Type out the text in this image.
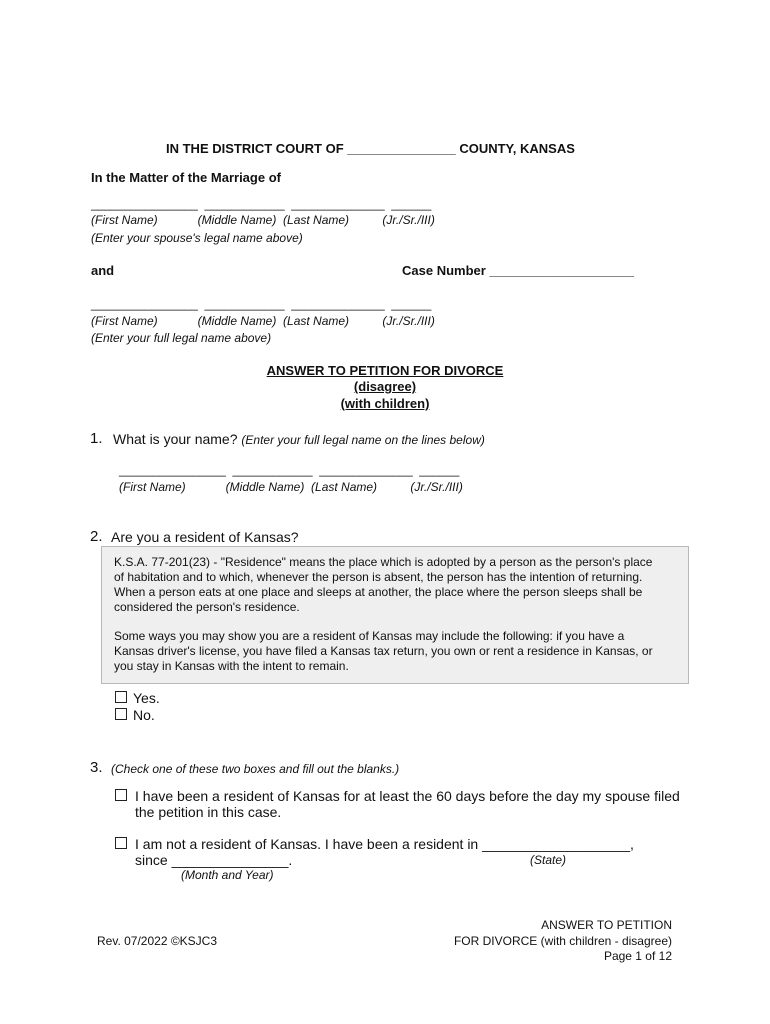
IN THE DISTRICT COURT OF _______________ COUNTY, KANSAS
In the Matter of the Marriage of
________________  ____________  ______________  ______
(First Name)            (Middle Name)  (Last Name)          (Jr./Sr./III)
(Enter your spouse's legal name above)
and	Case Number ____________________
________________  ____________  ______________  ______
(First Name)            (Middle Name)  (Last Name)          (Jr./Sr./III)
(Enter your full legal name above)
ANSWER TO PETITION FOR DIVORCE
(disagree)
(with children)
1. What is your name? (Enter your full legal name on the lines below)
________________  ____________  ______________  ______
(First Name)            (Middle Name)  (Last Name)          (Jr./Sr./III)
2. Are you a resident of Kansas?

K.S.A. 77-201(23) - "Residence" means the place which is adopted by a person as the person's place

of habitation and to which, whenever the person is absent, the person has the intention of returning.

When a person eats at one place and sleeps at another, the place where the person sleeps shall be

considered the person's residence.

Some ways you may show you are a resident of Kansas may include the following: if you have a

Kansas driver's license, you have filed a Kansas tax return, you own or rent a residence in Kansas, or

you stay in Kansas with the intent to remain.

Yes.
No.
3. (Check one of these two boxes and fill out the blanks.)
I have been a resident of Kansas for at least the 60 days before the day my spouse filed
the petition in this case.
I am not a resident of Kansas. I have been a resident in ___________________,
since _______________.	(State)
(Month and Year)
Rev. 07/2022 ©KSJC3
ANSWER TO PETITION
FOR DIVORCE (with children - disagree)
Page 1 of 12
